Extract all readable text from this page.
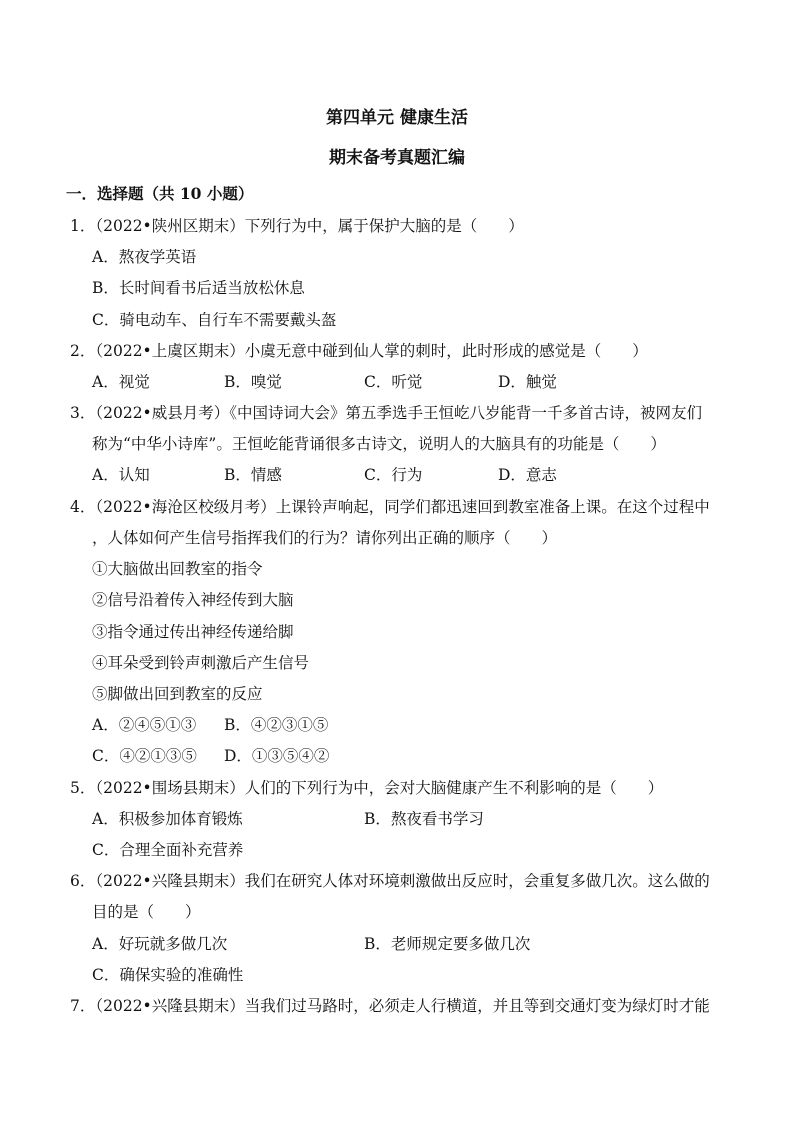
第四单元 健康生活
期末备考真题汇编
一．选择题（共 10 小题）
1．（2022•陕州区期末）下列行为中，属于保护大脑的是（　　）
A．熬夜学英语
B．长时间看书后适当放松休息
C．骑电动车、自行车不需要戴头盔
2．（2022•上虞区期末）小虞无意中碰到仙人掌的刺时，此时形成的感觉是（　　）
A．视觉	B．嗅觉	C．听觉	D．触觉
3．（2022•威县月考）《中国诗词大会》第五季选手王恒屹八岁能背一千多首古诗，被网友们
称为“中华小诗库”。王恒屹能背诵很多古诗文，说明人的大脑具有的功能是（　　）
A．认知	B．情感	C．行为	D．意志
4．（2022•海沧区校级月考）上课铃声响起，同学们都迅速回到教室准备上课。在这个过程中
，人体如何产生信号指挥我们的行为？请你列出正确的顺序（　　）
①大脑做出回教室的指令
②信号沿着传入神经传到大脑
③指令通过传出神经传递给脚
④耳朵受到铃声刺激后产生信号
⑤脚做出回到教室的反应
A．②④⑤①③ B．④②③①⑤
C．④②①③⑤ D．①③⑤④②
5．（2022•围场县期末）人们的下列行为中，会对大脑健康产生不利影响的是（　　）
A．积极参加体育锻炼	B．熬夜看书学习
C．合理全面补充营养
6．（2022•兴隆县期末）我们在研究人体对环境刺激做出反应时，会重复多做几次。这么做的
目的是（　　）
A．好玩就多做几次	B．老师规定要多做几次
C．确保实验的准确性
7．（2022•兴隆县期末）当我们过马路时，必须走人行横道，并且等到交通灯变为绿灯时才能
